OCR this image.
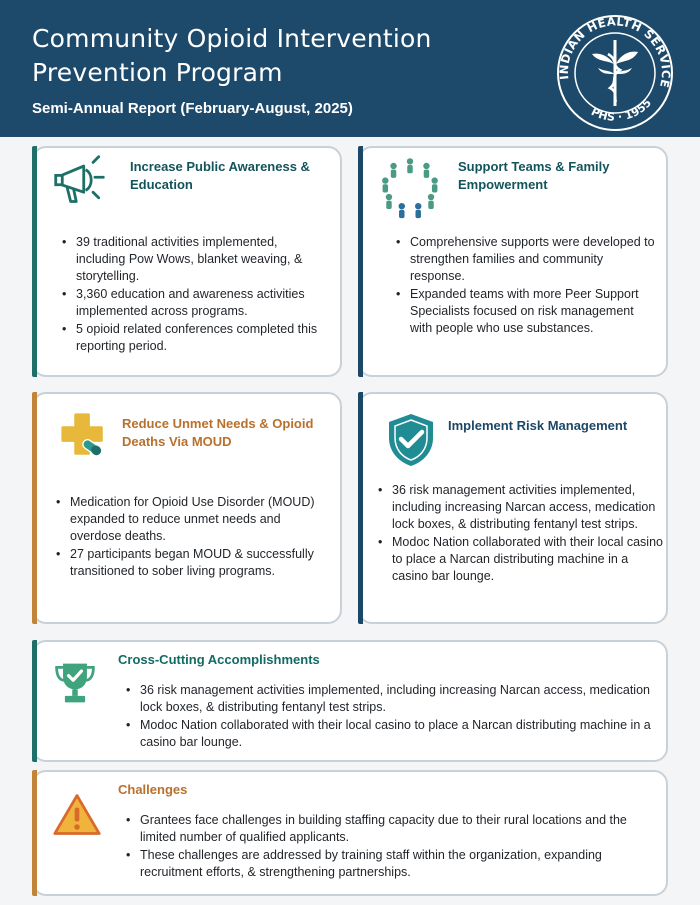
Community Opioid Intervention Prevention Program
Semi-Annual Report (February-August, 2025)
INDIAN HEALTH SERVICE
PHS · 1955
Increase Public Awareness & Education
• 39 traditional activities implemented, including Pow Wows, blanket weaving, & storytelling.
• 3,360 education and awareness activities implemented across programs.
• 5 opioid related conferences completed this reporting period.
Support Teams & Family Empowerment
• Comprehensive supports were developed to strengthen families and community response.
• Expanded teams with more Peer Support Specialists focused on risk management with people who use substances.
Reduce Unmet Needs & Opioid Deaths Via MOUD
• Medication for Opioid Use Disorder (MOUD) expanded to reduce unmet needs and overdose deaths.
• 27 participants began MOUD & successfully transitioned to sober living programs.
Implement Risk Management
• 36 risk management activities implemented, including increasing Narcan access, medication lock boxes, & distributing fentanyl test strips.
• Modoc Nation collaborated with their local casino to place a Narcan distributing machine in a casino bar lounge.
Cross-Cutting Accomplishments
• 36 risk management activities implemented, including increasing Narcan access, medication lock boxes, & distributing fentanyl test strips.
• Modoc Nation collaborated with their local casino to place a Narcan distributing machine in a casino bar lounge.
Challenges
• Grantees face challenges in building staffing capacity due to their rural locations and the limited number of qualified applicants.
• These challenges are addressed by training staff within the organization, expanding recruitment efforts, & strengthening partnerships.
